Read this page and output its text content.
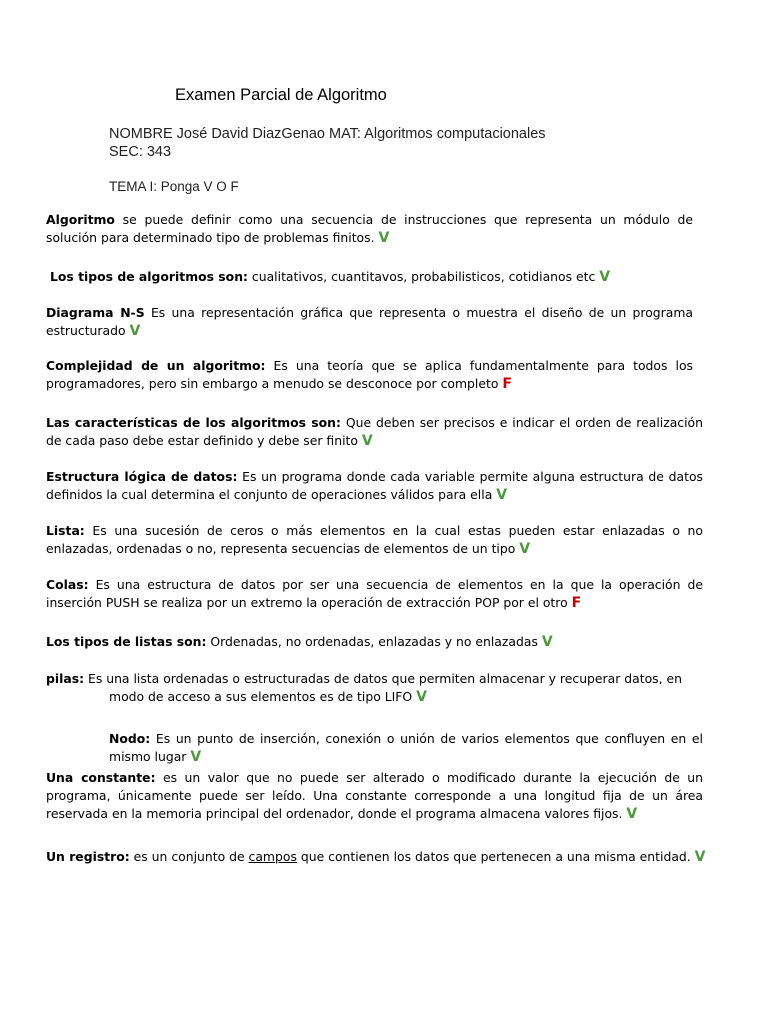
Examen Parcial de Algoritmo
NOMBRE José David DiazGenao MAT: Algoritmos computacionales
SEC: 343
TEMA I: Ponga V O F
Algoritmo se puede definir como una secuencia de instrucciones que representa un módulo de solución para determinado tipo de problemas finitos. V
Los tipos de algoritmos son: cualitativos, cuantitavos, probabilisticos, cotidianos etc V
Diagrama N-S Es una representación gráfica que representa o muestra el diseño de un programa estructurado V
Complejidad de un algoritmo: Es una teoría que se aplica fundamentalmente para todos los programadores, pero sin embargo a menudo se desconoce por completo F
Las características de los algoritmos son: Que deben ser precisos e indicar el orden de realización de cada paso debe estar definido y debe ser finito V
Estructura lógica de datos: Es un programa donde cada variable permite alguna estructura de datos definidos la cual determina el conjunto de operaciones válidos para ella V
Lista: Es una sucesión de ceros o más elementos en la cual estas pueden estar enlazadas o no enlazadas, ordenadas o no, representa secuencias de elementos de un tipo V
Colas: Es una estructura de datos por ser una secuencia de elementos en la que la operación de inserción PUSH se realiza por un extremo la operación de extracción POP por el otro F
Los tipos de listas son: Ordenadas, no ordenadas, enlazadas y no enlazadas V
pilas: Es una lista ordenadas o estructuradas de datos que permiten almacenar y recuperar datos, en
modo de acceso a sus elementos es de tipo LIFO V
Nodo: Es un punto de inserción, conexión o unión de varios elementos que confluyen en el mismo lugar V
Una constante: es un valor que no puede ser alterado o modificado durante la ejecución de un programa, únicamente puede ser leído. Una constante corresponde a una longitud fija de un área reservada en la memoria principal del ordenador, donde el programa almacena valores fijos. V
Un registro: es un conjunto de campos que contienen los datos que pertenecen a una misma entidad. V
